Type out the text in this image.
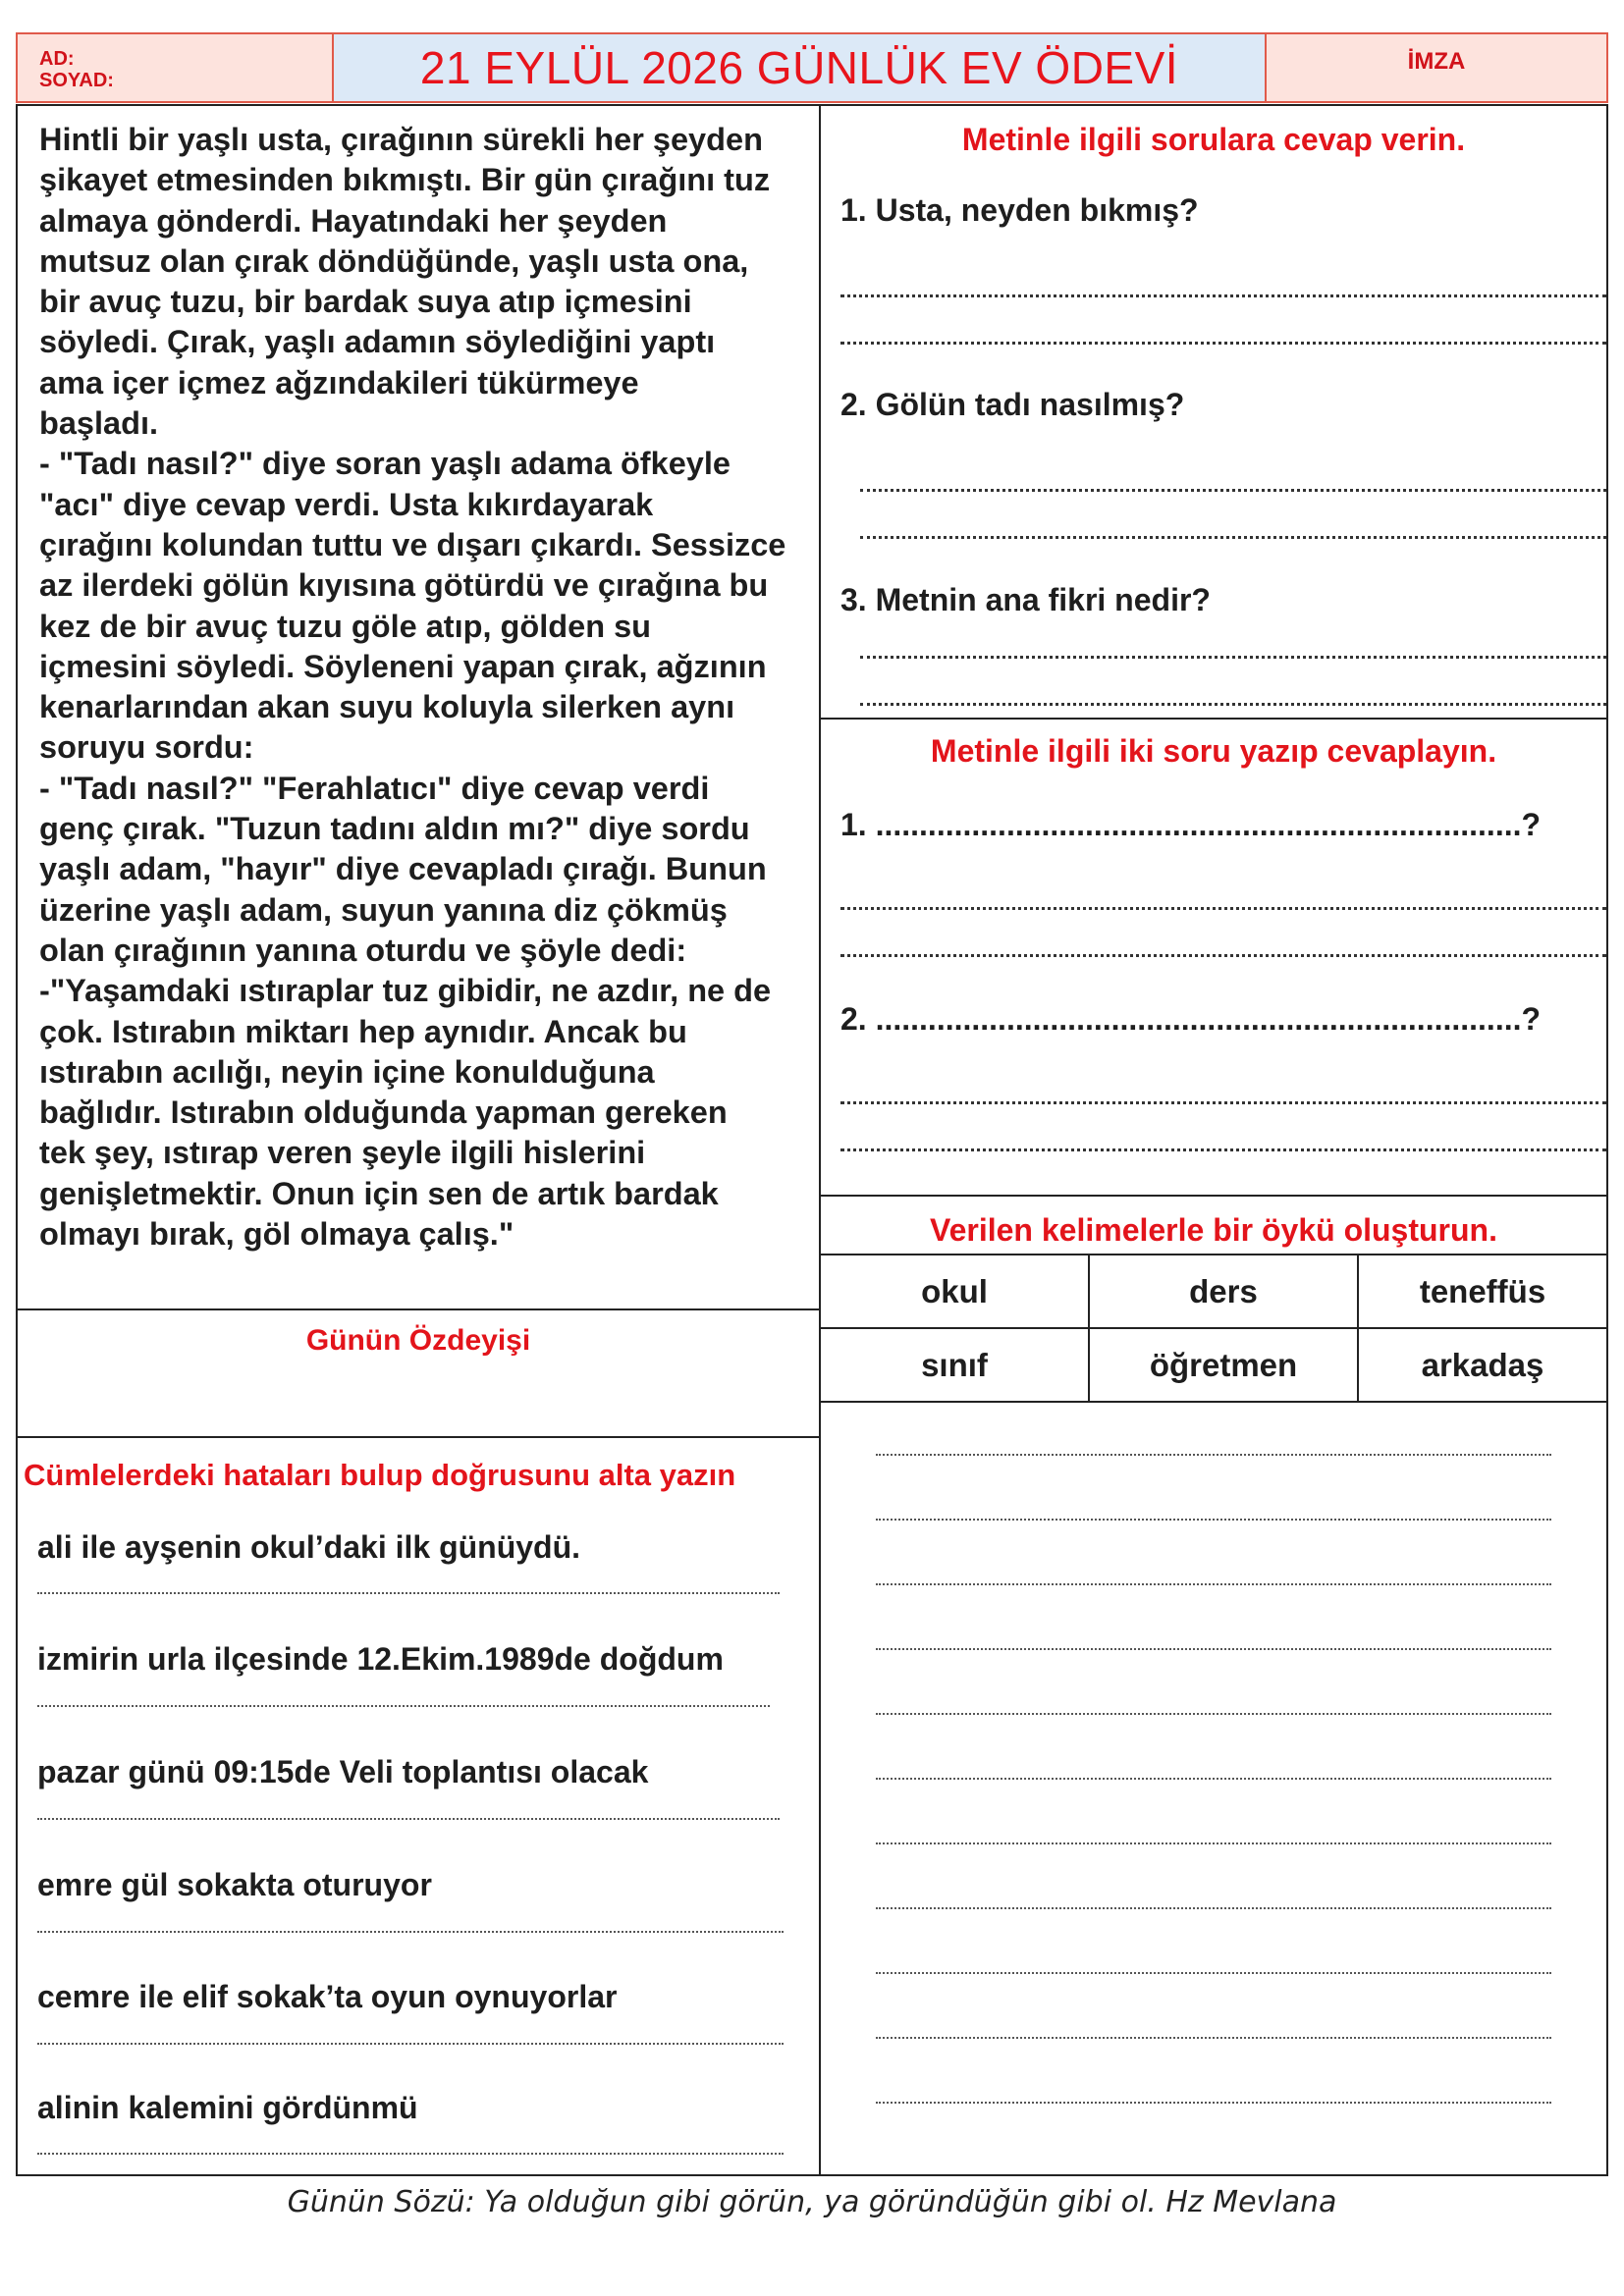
AD:
SOYAD:	21 EYLÜL 2026 GÜNLÜK EV ÖDEVİ	İMZA
Hintli bir yaşlı usta, çırağının sürekli her şeyden
şikayet etmesinden bıkmıştı. Bir gün çırağını tuz
almaya gönderdi. Hayatındaki her şeyden
mutsuz olan çırak döndüğünde, yaşlı usta ona,
bir avuç tuzu, bir bardak suya atıp içmesini
söyledi. Çırak, yaşlı adamın söylediğini yaptı
ama içer içmez ağzındakileri tükürmeye
başladı.
- "Tadı nasıl?" diye soran yaşlı adama öfkeyle
"acı" diye cevap verdi. Usta kıkırdayarak
çırağını kolundan tuttu ve dışarı çıkardı. Sessizce
az ilerdeki gölün kıyısına götürdü ve çırağına bu
kez de bir avuç tuzu göle atıp, gölden su
içmesini söyledi. Söyleneni yapan çırak, ağzının
kenarlarından akan suyu koluyla silerken aynı
soruyu sordu:
- "Tadı nasıl?" "Ferahlatıcı" diye cevap verdi
genç çırak. "Tuzun tadını aldın mı?" diye sordu
yaşlı adam, "hayır" diye cevapladı çırağı. Bunun
üzerine yaşlı adam, suyun yanına diz çökmüş
olan çırağının yanına oturdu ve şöyle dedi:
-"Yaşamdaki ıstıraplar tuz gibidir, ne azdır, ne de
çok. Istırabın miktarı hep aynıdır. Ancak bu
ıstırabın acılığı, neyin içine konulduğuna
bağlıdır. Istırabın olduğunda yapman gereken
tek şey, ıstırap veren şeyle ilgili hislerini
genişletmektir. Onun için sen de artık bardak
olmayı bırak, göl olmaya çalış."
Günün Özdeyişi
Cümlelerdeki hataları bulup doğrusunu alta yazın
ali ile ayşenin okul’daki ilk günüydü.
izmirin urla ilçesinde 12.Ekim.1989de doğdum
pazar günü 09:15de Veli toplantısı olacak
emre gül sokakta oturuyor
cemre ile elif sokak’ta oyun oynuyorlar
alinin kalemini gördünmü
Metinle ilgili sorulara cevap verin.
1. Usta, neyden bıkmış?
2. Gölün tadı nasılmış?
3. Metnin ana fikri nedir?
Metinle ilgili iki soru yazıp cevaplayın.
1. ..........................................................................?
2. ..........................................................................?
Verilen kelimelerle bir öykü oluşturun.
okul	ders	teneffüs
sınıf	öğretmen	arkadaş
Günün Sözü: Ya olduğun gibi görün, ya göründüğün gibi ol. Hz Mevlana
